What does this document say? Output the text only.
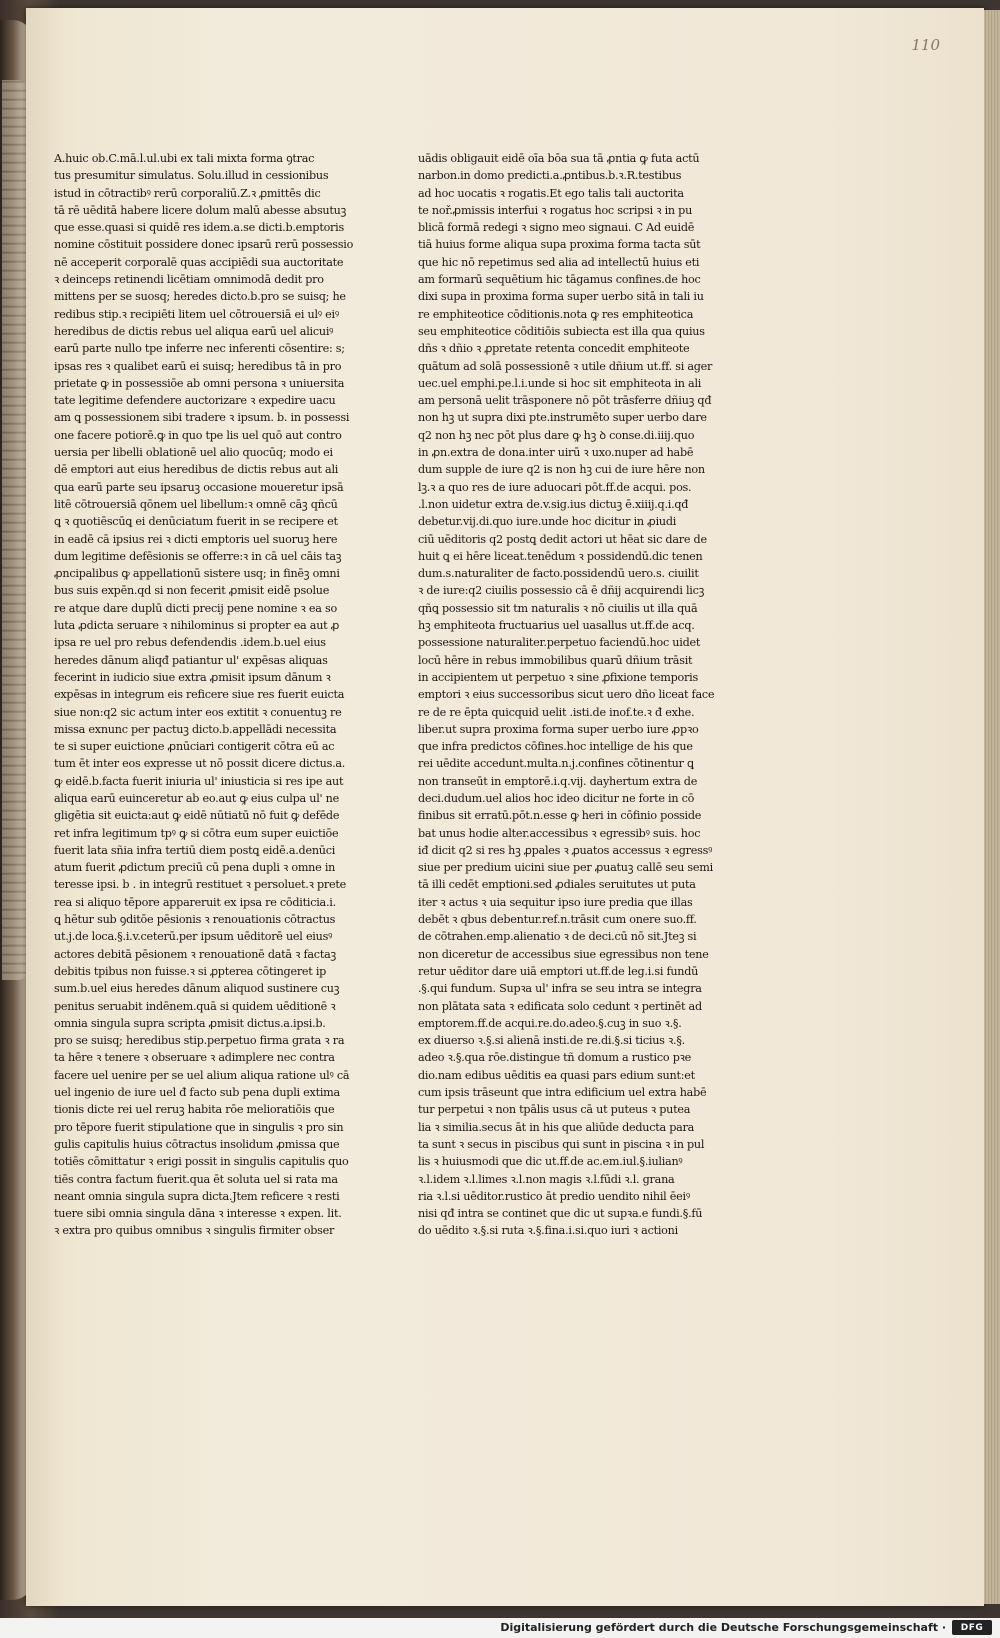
110
A.huic ob.C.mā.l.ul.ubi ex tali mixta forma ꝯtrac
tus presumitur simulatus. Solu.illud in cessionibus
istud in cōtractibꝰ rerū corporaliū.Z.ꝛ ꝓmittēs dic
tā rē uēditā habere licere dolum malū abesse absutuꝫ
que esse.quasi si quidē res idem.a.se dicti.b.emptoris
nomine cōstituit possidere donec ipsarū rerū possessio
nē acceperit corporalē quas accipiēdi sua auctoritate
ꝛ deinceps retinendi licētiam omnimodā dedit pro
mittens per se suosq; heredes dicto.b.pro se suisq; he
redibus stip.ꝛ recipiēti litem uel cōtrouersiā ei ulꝰ eiꝰ
heredibus de dictis rebus uel aliqua earū uel alicuiꝰ
earū parte nullo tpe inferre nec inferenti cōsentire: s;
ipsas res ꝛ qualibet earū ei suisq; heredibus tā in pro
prietate ꝙ in possessiōe ab omni persona ꝛ uniuersita
tate legitime defendere auctorizare ꝛ expedire uacu
am ꝗ possessionem sibi tradere ꝛ ipsum. b. in possessi
one facere potiorē.ꝙ in quo tpe lis uel quō aut contro
uersia per libelli oblationē uel alio quocūq; modo ei
dē emptori aut eius heredibus de dictis rebus aut ali
qua earū parte seu ipsaruꝫ occasione moueretur ipsā
litē cōtrouersiā qōnem uel libellum:ꝛ omnē cāꝫ qñcū
ꝗ ꝛ quotiēscūꝗ ei denūciatum fuerit in se recipere et
in eadē cā ipsius rei ꝛ dicti emptoris uel suoruꝫ here
dum legitime defēsionis se offerre:ꝛ in cā uel cāis taꝫ
ꝓncipalibus ꝙ appellationū sistere usq; in finēꝫ omni
bus suis expēn.qd si non fecerit ꝓmisit eidē psolue
re atque dare duplū dicti precij pene nomine ꝛ ea so
luta ꝓdicta seruare ꝛ nihilominus si propter ea aut ꝓ
ipsa re uel pro rebus defendendis .idem.b.uel eius
heredes dānum aliqđ patiantur ul' expēsas aliquas
fecerint in iudicio siue extra ꝓmisit ipsum dānum ꝛ
expēsas in integrum eis reficere siue res fuerit euicta
siue non:q2 sic actum inter eos extitit ꝛ conuentuꝫ re
missa exnunc per pactuꝫ dicto.b.appellādi necessita
te si super euictione ꝓnūciari contigerit cōtra eū ac
tum ēt inter eos expresse ut nō possit dicere dictus.a.
ꝙ eidē.b.facta fuerit iniuria ul' iniusticia si res ipe aut
aliqua earū euinceretur ab eo.aut ꝙ eius culpa ul' ne
gligētia sit euicta:aut ꝙ eidē nūtiatū nō fuit ꝙ defēde
ret infra legitimum tpꝰ ꝙ si cōtra eum super euictiōe
fuerit lata sñia infra tertiū diem postꝗ eidē.a.denūci
atum fuerit ꝓdictum preciū cū pena dupli ꝛ omne in
teresse ipsi. b . in integrū restituet ꝛ persoluet.ꝛ prete
rea si aliquo tēpore appareruit ex ipsa re cōditicia.i.
ꝗ hētur sub ꝯditōe pēsionis ꝛ renouationis cōtractus
ut.j.de loca.§.i.v.ceterū.per ipsum uēditorē uel eiusꝰ
actores debitā pēsionem ꝛ renouationē datā ꝛ factaꝫ
debitis tpibus non fuisse.ꝛ si ꝓpterea cōtingeret ip
sum.b.uel eius heredes dānum aliquod sustinere cuꝫ
penitus seruabit indēnem.quā si quidem uēditionē ꝛ
omnia singula supra scripta ꝓmisit dictus.a.ipsi.b.
pro se suisq; heredibus stip.perpetuo firma grata ꝛ ra
ta hēre ꝛ tenere ꝛ obseruare ꝛ adimplere nec contra
facere uel uenire per se uel alium aliqua ratione ulꝰ cā
uel ingenio de iure uel đ facto sub pena dupli extima
tionis dicte rei uel reruꝫ habita rōe melioratiōis que
pro tēpore fuerit stipulatione que in singulis ꝛ pro sin
gulis capitulis huius cōtractus insolidum ꝓmissa que
totiēs cōmittatur ꝛ erigi possit in singulis capitulis quo
tiēs contra factum fuerit.qua ēt soluta uel si rata ma
neant omnia singula supra dicta.Jtem reficere ꝛ resti
tuere sibi omnia singula dāna ꝛ interesse ꝛ expen. lit.
ꝛ extra pro quibus omnibus ꝛ singulis firmiter obser
uādis obligauit eidē oīa bōa sua tā ꝓntia ꝙ futa actū
narbon.in domo predicti.a.ꝓntibus.b.ꝛ.R.testibus
ad hoc uocatis ꝛ rogatis.Et ego talis tali auctorita
te noř.ꝓmissis interfui ꝛ rogatus hoc scripsi ꝛ in pu
blicā formā redegi ꝛ signo meo signaui. C Ad euidē
tiā huius forme aliqua supa proxima forma tacta sūt
que hic nō repetimus sed alia ad intellectū huius eti
am formarū sequētium hic tāgamus confines.de hoc
dixi supa in proxima forma super uerbo sitā in tali iu
re emphiteotice cōditionis.nota ꝙ res emphiteotica
seu emphiteotice cōditiōis subiecta est illa qua quius
dñs ꝛ dñio ꝛ ꝓpretate retenta concedit emphiteote
quātum ad solā possessionē ꝛ utile dñium ut.ff. si ager
uec.uel emphi.pe.l.i.unde si hoc sit emphiteota in ali
am personā uelit trāsponere nō pōt trāsferre dñiuꝫ qđ
non hꝫ ut supra dixi pte.instrumēto super uerbo dare
q2 non hꝫ nec pōt plus dare ꝙ hꝫ ꝺ conse.di.iiij.quo
in ꝓn.extra de dona.inter uirū ꝛ uxo.nuper ad habē
dum supple de iure q2 is non hꝫ cui de iure hēre non
lꝫ.ꝛ a quo res de iure aduocari pōt.ff.de acqui. pos.
.l.non uidetur extra de.v.sig.ius dictuꝫ ē.xiiij.q.i.qđ
debetur.vij.di.quo iure.unde hoc dicitur in ꝓiudi
ciū uēditoris q2 postꝗ dedit actori ut hēat sic dare de
huit ꝗ ei hēre liceat.tenēdum ꝛ possidendū.dic tenen
dum.s.naturaliter de facto.possidendū uero.s. ciuilit
ꝛ de iure:q2 ciuilis possessio cā ē dñij acquirendi licꝫ
qñꝗ possessio sit tm naturalis ꝛ nō ciuilis ut illa quā
hꝫ emphiteota fructuarius uel uasallus ut.ff.de acq.
possessione naturaliter.perpetuo faciendū.hoc uidet
locū hēre in rebus immobilibus quarū dñium trāsit
in accipientem ut perpetuo ꝛ sine ꝓfixione temporis
emptori ꝛ eius successoribus sicut uero dño liceat face
re de re ēpta quicquid uelit .isti.de inof.te.ꝛ đ exhe.
liber.ut supra proxima forma super uerbo iure ꝓpꝛo
que infra predictos cōfines.hoc intellige de his que
rei uēdite accedunt.multa.n.j.confines cōtinentur ꝗ
non transeūt in emptorē.i.q.vij. dayhertum extra de
deci.dudum.uel alios hoc ideo dicitur ne forte in cō
finibus sit erratū.pōt.n.esse ꝙ heri in cōfinio posside
bat unus hodie alter.accessibus ꝛ egressibꝰ suis. hoc
iđ dicit q2 si res hꝫ ꝓpales ꝛ ꝓuatos accessus ꝛ egressꝰ
siue per predium uicini siue per ꝓuatuꝫ callē seu semi
tā illi cedēt emptioni.sed ꝓdiales seruitutes ut puta
iter ꝛ actus ꝛ uia sequitur ipso iure predia que illas
debēt ꝛ qbus debentur.ref.n.trāsit cum onere suo.ff.
de cōtrahen.emp.alienatio ꝛ de deci.cū nō sit.Jteꝫ si
non diceretur de accessibus siue egressibus non tene
retur uēditor dare uiā emptori ut.ff.de leg.i.si fundū
.§.qui fundum. Supꝛa ul' infra se seu intra se integra
non plātata sata ꝛ edificata solo cedunt ꝛ pertinēt ad
emptorem.ff.de acqui.re.do.adeo.§.cuꝫ in suo ꝛ.§.
ex diuerso ꝛ.§.si alienā insti.de re.di.§.si ticius ꝛ.§.
adeo ꝛ.§.qua rōe.distingue tñ domum a rustico pꝛe
dio.nam edibus uēditis ea quasi pars edium sunt:et
cum ipsis trāseunt que intra edificium uel extra habē
tur perpetui ꝛ non tpālis usus cā ut puteus ꝛ putea
lia ꝛ similia.secus āt in his que aliūde deducta para
ta sunt ꝛ secus in piscibus qui sunt in piscina ꝛ in pul
lis ꝛ huiusmodi que dic ut.ff.de ac.em.iul.§.iulianꝰ
ꝛ.l.idem ꝛ.l.limes ꝛ.l.non magis ꝛ.l.fūdi ꝛ.l. grana
ria ꝛ.l.si uēditor.rustico āt predio uendito nihil ēeiꝰ
nisi qđ intra se continet que dic ut supꝛa.e fundi.§.fū
do uēdito ꝛ.§.si ruta ꝛ.§.fina.i.si.quo iuri ꝛ actioni
Digitalisierung gefördert durch die Deutsche Forschungsgemeinschaft ·	DFG
